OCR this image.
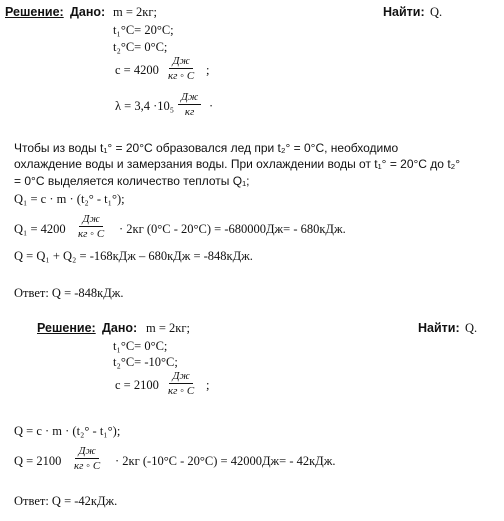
Решение: Дано: m = 2кг;	Найти: Q.
t₁°C= 20°C;
t₂°C= 0°C;
c = 4200
Дж
кг ◦ C ;
λ = 3,4 ·10₅
Дж
кг ·
Чтобы из воды t₁° = 20°C образовался лед при t₂° = 0°C, необходимо
охлаждение воды и замерзания воды. При охлаждении воды от t₁° = 20°C до t₂°
= 0°C выделяется количество теплоты Q₁;
Q₁ = c · m · (t₂° - t₁°);
Q₁ = 4200
Дж
кг ◦ C · 2кг (0°C - 20°C) = -680000Дж= - 680кДж.
Q = Q₁ + Q₂ = -168кДж – 680кДж = -848кДж.
Ответ: Q = -848кДж.
Решение: Дано: m = 2кг;	Найти: Q.
t₁°C= 0°C;
t₂°C= -10°C;
c = 2100
Дж
кг ◦ C ;
Q = c · m · (t₂° - t₁°);
Q = 2100
Дж
кг ◦ C · 2кг (-10°C - 20°C) = 42000Дж= - 42кДж.
Ответ: Q = -42кДж.
